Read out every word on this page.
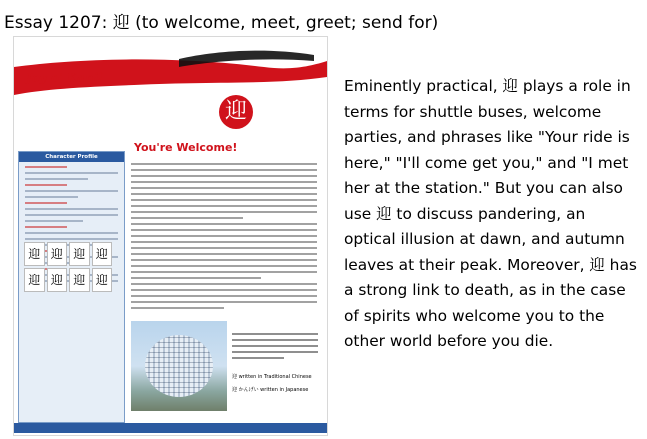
Essay 1207: 迎 (to welcome, meet, greet; send for)
Joy o' Kanji
迎
You're Welcome!
Character Profile
迎 迎 迎 迎
迎 迎 迎 迎
迎 written in Traditional Chinese
迎 かんげい written in Japanese
Eminently practical, 迎 plays a role in terms for shuttle buses, welcome parties, and phrases like "Your ride is here," "I'll come get you," and "I met her at the station." But you can also use 迎 to discuss pandering, an optical illusion at dawn, and autumn leaves at their peak. Moreover, 迎 has a strong link to death, as in the case of spirits who welcome you to the other world before you die.
